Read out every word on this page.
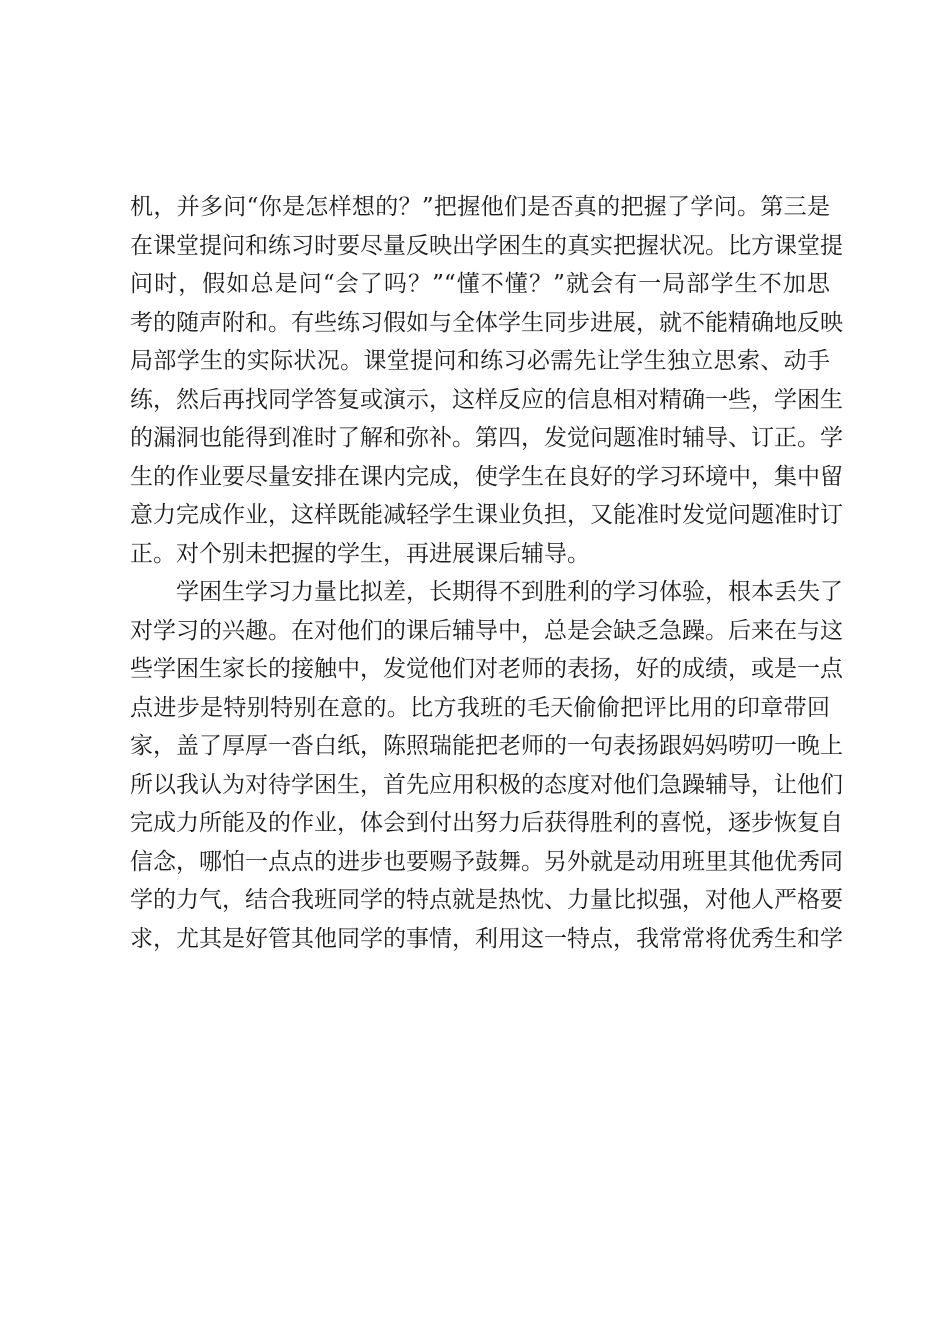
机，并多问“你是怎样想的？”把握他们是否真的把握了学问。第三是
在课堂提问和练习时要尽量反映出学困生的真实把握状况。比方课堂提
问时，假如总是问“会了吗？”“懂不懂？”就会有一局部学生不加思
考的随声附和。有些练习假如与全体学生同步进展，就不能精确地反映
局部学生的实际状况。课堂提问和练习必需先让学生独立思索、动手
练，然后再找同学答复或演示，这样反应的信息相对精确一些，学困生
的漏洞也能得到准时了解和弥补。第四，发觉问题准时辅导、订正。学
生的作业要尽量安排在课内完成，使学生在良好的学习环境中，集中留
意力完成作业，这样既能减轻学生课业负担，又能准时发觉问题准时订
正。对个别未把握的学生，再进展课后辅导。
学困生学习力量比拟差，长期得不到胜利的学习体验，根本丢失了
对学习的兴趣。在对他们的课后辅导中，总是会缺乏急躁。后来在与这
些学困生家长的接触中，发觉他们对老师的表扬，好的成绩，或是一点
点进步是特别特别在意的。比方我班的毛天偷偷把评比用的印章带回
家，盖了厚厚一沓白纸，陈照瑞能把老师的一句表扬跟妈妈唠叨一晚上
所以我认为对待学困生，首先应用积极的态度对他们急躁辅导，让他们
完成力所能及的作业，体会到付出努力后获得胜利的喜悦，逐步恢复自
信念，哪怕一点点的进步也要赐予鼓舞。另外就是动用班里其他优秀同
学的力气，结合我班同学的特点就是热忱、力量比拟强，对他人严格要
求，尤其是好管其他同学的事情，利用这一特点，我常常将优秀生和学
